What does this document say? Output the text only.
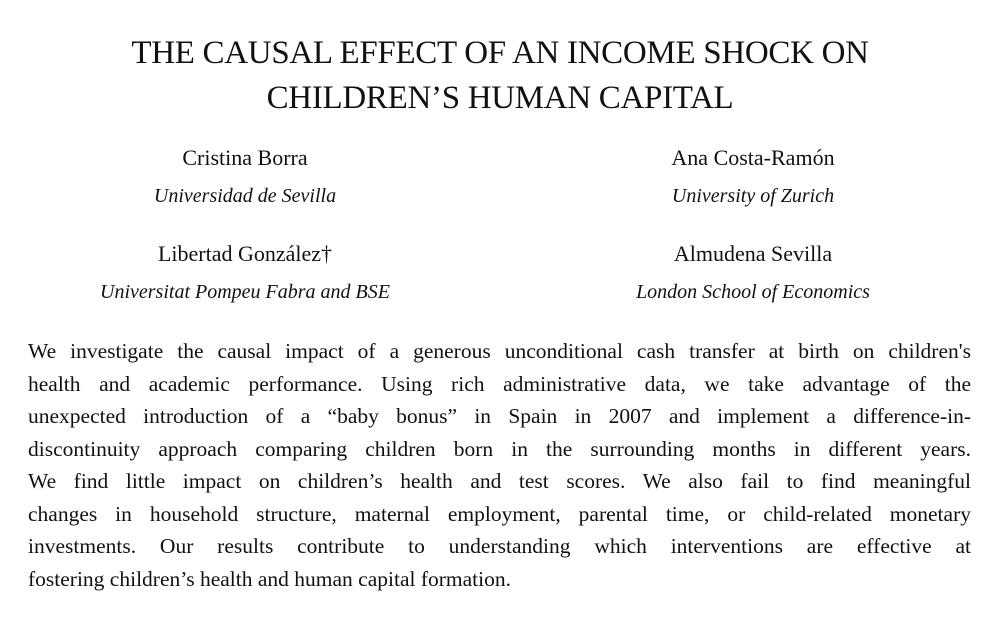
THE CAUSAL EFFECT OF AN INCOME SHOCK ON
CHILDREN’S HUMAN CAPITAL
Cristina Borra
Universidad de Sevilla
Ana Costa-Ramón
University of Zurich
Libertad González†
Universitat Pompeu Fabra and BSE
Almudena Sevilla
London School of Economics
We investigate the causal impact of a generous unconditional cash transfer at birth on children's
health and academic performance. Using rich administrative data, we take advantage of the
unexpected introduction of a “baby bonus” in Spain in 2007 and implement a difference-in-
discontinuity approach comparing children born in the surrounding months in different years.
We find little impact on children’s health and test scores. We also fail to find meaningful
changes in household structure, maternal employment, parental time, or child-related monetary
investments. Our results contribute to understanding which interventions are effective at
fostering children’s health and human capital formation.
